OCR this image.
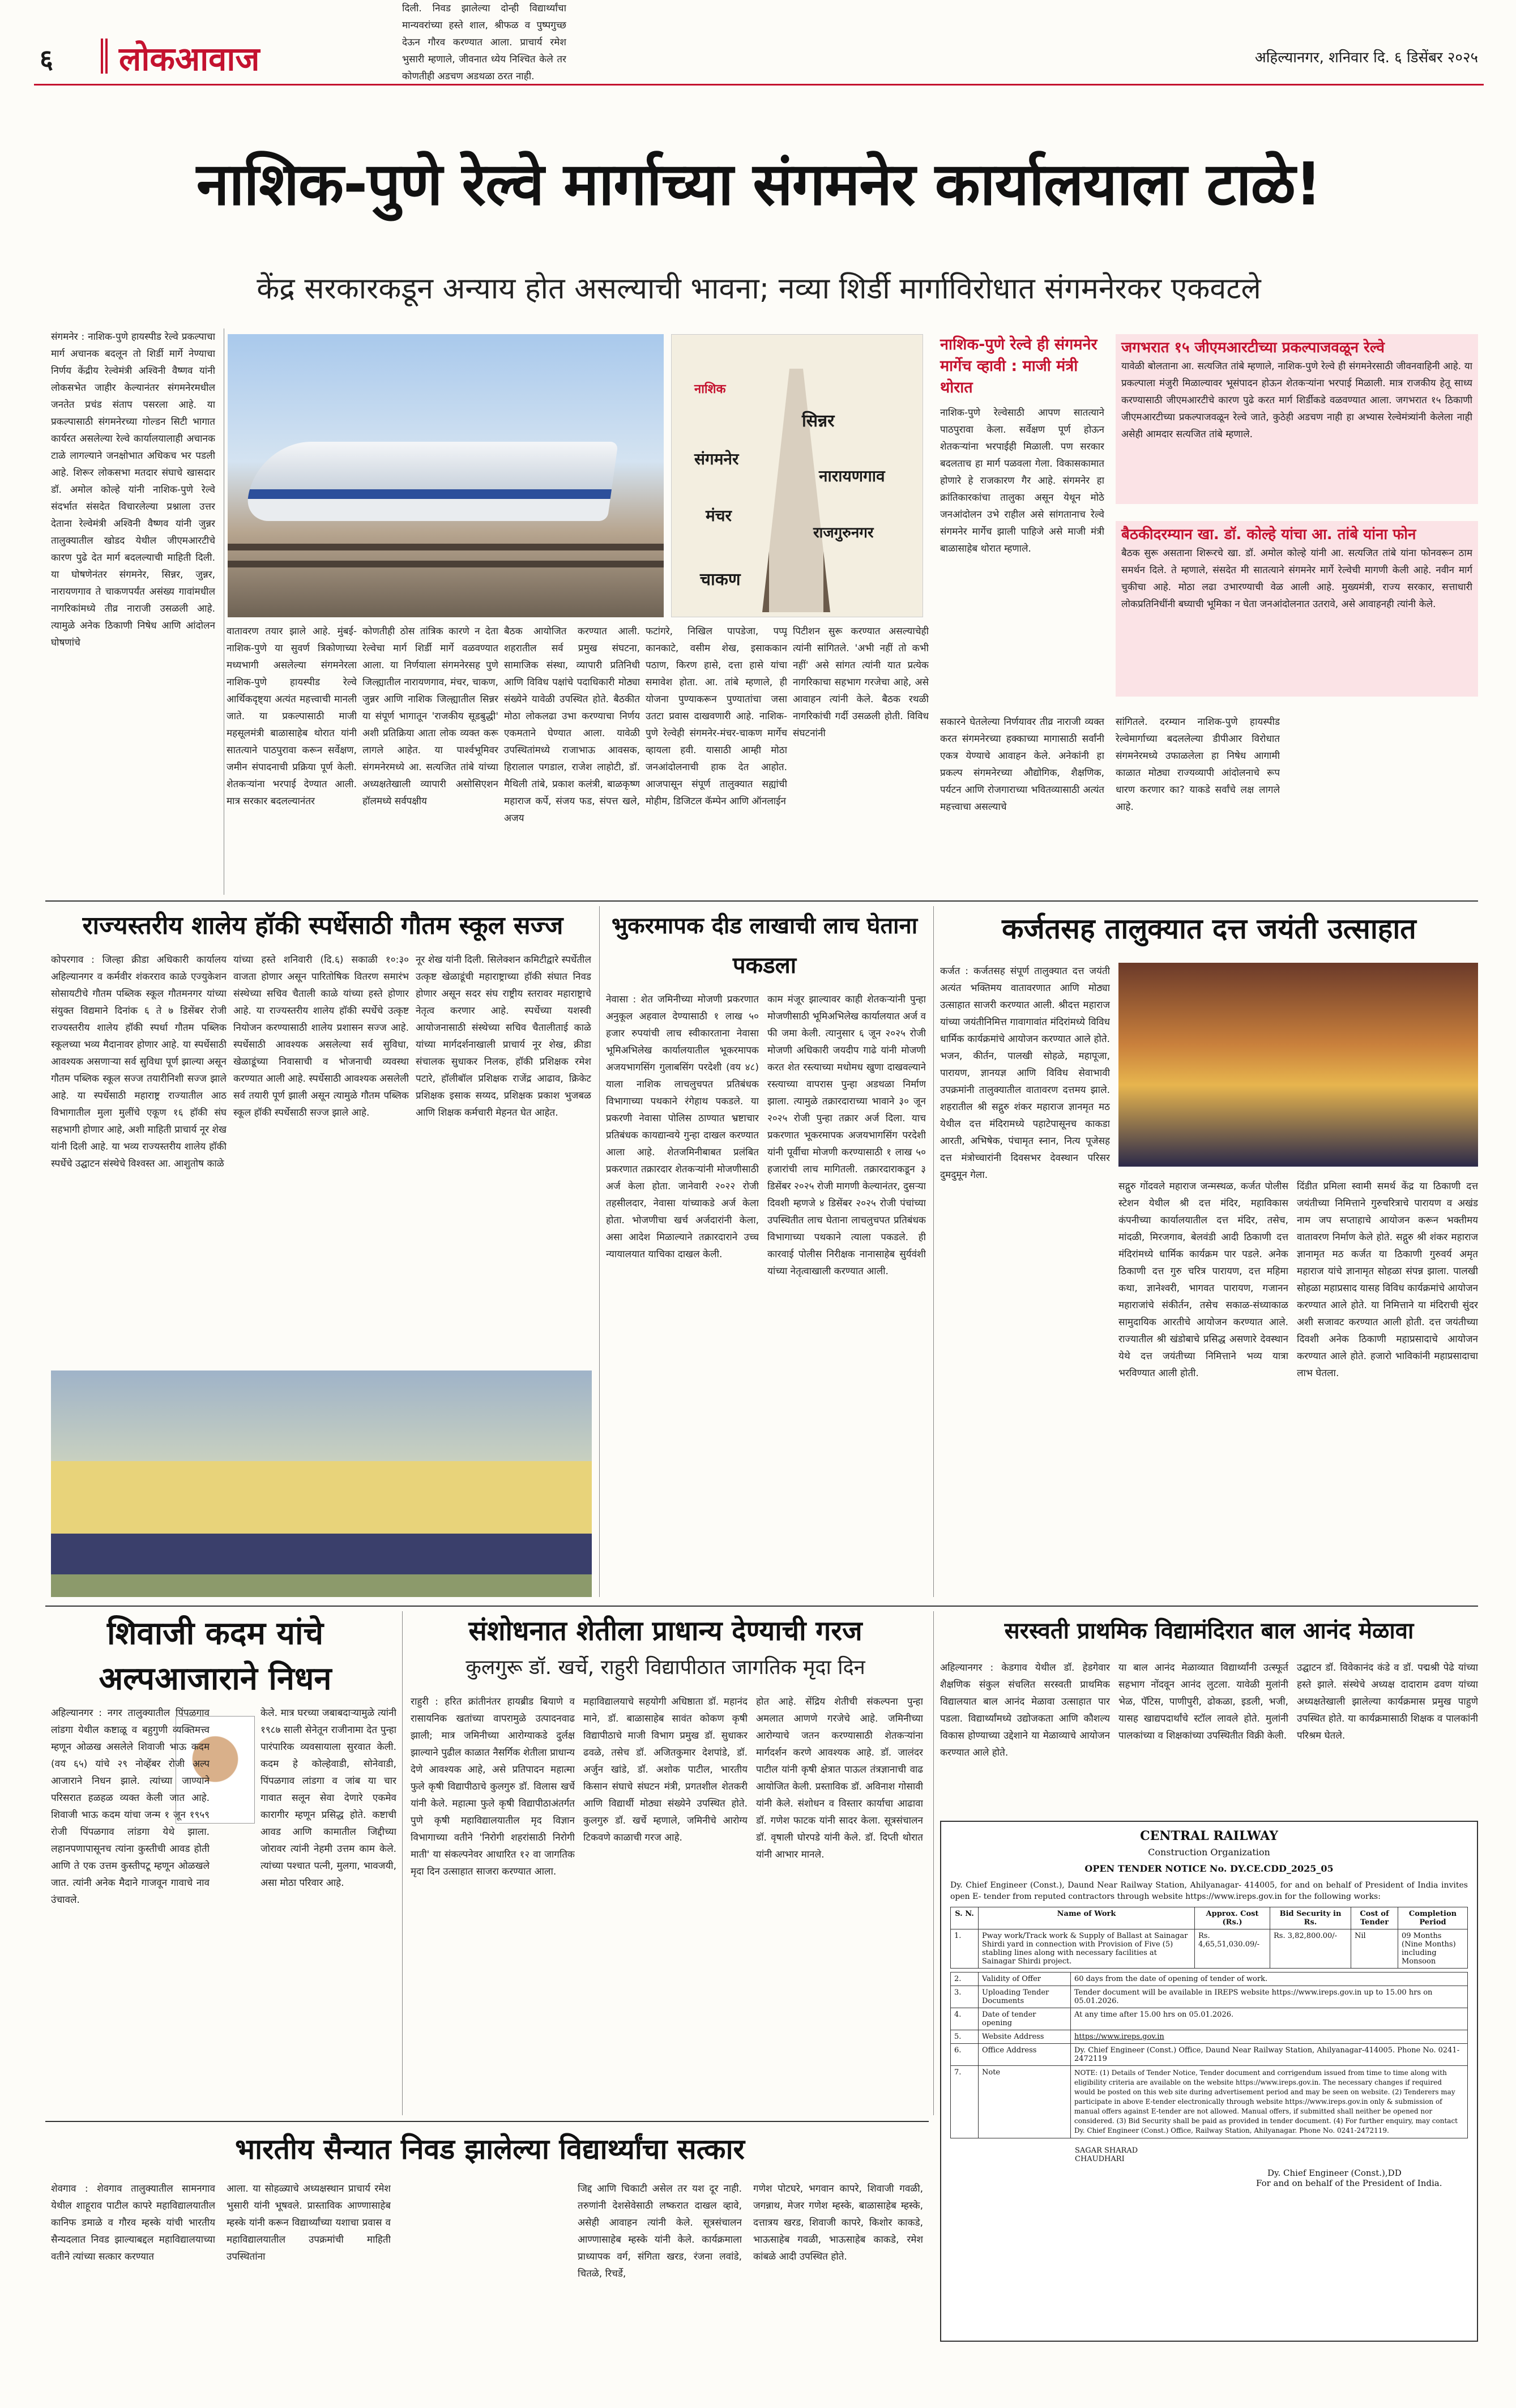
६ लोकआवाज	अहिल्यानगर, शनिवार दि. ६ डिसेंबर २०२५
नाशिक-पुणे रेल्वे मार्गाच्या संगमनेर कार्यालयाला टाळे!
केंद्र सरकारकडून अन्याय होत असल्याची भावना; नव्या शिर्डी मार्गाविरोधात संगमनेरकर एकवटले
संगमनेर : नाशिक-पुणे हायस्पीड रेल्वे प्रकल्पाचा मार्ग अचानक बदलून तो शिर्डी मार्गे नेण्याचा निर्णय केंद्रीय रेल्वेमंत्री अश्विनी वैष्णव यांनी लोकसभेत जाहीर केल्यानंतर संगमनेरमधील जनतेत प्रचंड संताप पसरला आहे. या प्रकल्पासाठी संगमनेरच्या गोल्डन सिटी भागात कार्यरत असलेल्या रेल्वे कार्यालयालाही अचानक टाळे लागल्याने जनक्षोभात अधिकच भर पडली आहे. शिरूर लोकसभा मतदार संघाचे खासदार डॉ. अमोल कोल्हे यांनी नाशिक-पुणे रेल्वे संदर्भात संसदेत विचारलेल्या प्रश्नाला उत्तर देताना रेल्वेमंत्री अश्विनी वैष्णव यांनी जुन्नर तालुक्यातील खोडद येथील जीएमआरटीचे कारण पुढे देत मार्ग बदलल्याची माहिती दिली. या घोषणेनंतर संगमनेर, सिन्नर, जुन्नर, नारायणगाव ते चाकणपर्यंत असंख्य गावांमधील नागरिकांमध्ये तीव्र नाराजी उसळली आहे. त्यामुळे अनेक ठिकाणी निषेध आणि आंदोलन घोषणांचे
सिन्नर
संगमनेर
नारायणगाव
मंचर
राजगुरुनगर
चाकण
नाशिक
वातावरण तयार झाले आहे. मुंबई-नाशिक-पुणे या सुवर्ण त्रिकोणाच्या मध्यभागी असलेल्या संगमनेरला नाशिक-पुणे हायस्पीड रेल्वे आर्थिकदृष्ट्या अत्यंत महत्त्वाची मानली जाते. या प्रकल्पासाठी माजी महसूलमंत्री बाळासाहेब थोरात यांनी सातत्याने पाठपुरावा करून सर्वेक्षण, जमीन संपादनाची प्रक्रिया पूर्ण केली. शेतकऱ्यांना भरपाई देण्यात आली. मात्र सरकार बदलल्यानंतर
कोणतीही ठोस तांत्रिक कारणे न देता रेल्वेचा मार्ग शिर्डी मार्गे वळवण्यात आला. या निर्णयाला संगमनेरसह पुणे जिल्ह्यातील नारायणगाव, मंचर, चाकण, जुन्नर आणि नाशिक जिल्ह्यातील सिन्नर या संपूर्ण भागातून 'राजकीय सूडबुद्धी' अशी प्रतिक्रिया आता लोक व्यक्त करू लागले आहेत. या पार्श्वभूमिवर संगमनेरमध्ये आ. सत्यजित तांबे यांच्या अध्यक्षतेखाली व्यापारी असोसिएशन हॉलमध्ये सर्वपक्षीय
बैठक आयोजित करण्यात आली. शहरातील सर्व प्रमुख संघटना, सामाजिक संस्था, व्यापारी प्रतिनिधी आणि विविध पक्षांचे पदाधिकारी मोठ्या संख्येने यावेळी उपस्थित होते. बैठकीत मोठा लोकलढा उभा करण्याचा निर्णय एकमताने घेण्यात आला. यावेळी उपस्थितांमध्ये राजाभाऊ आवसक, हिरालाल पगडाल, राजेश लाहोटी, डॉ. मैथिली तांबे, प्रकाश कलंत्री, बाळकृष्ण महाराज कर्पे, संजय फड, संपत्त खले, अजय
फटांगरे, निखिल पापडेजा, पप्पू कानकाटे, वसीम शेख, इसाककान पठाण, किरण हासे, दत्ता हासे यांचा समावेश होता. आ. तांबे म्हणाले, ही योजना पुण्याकरून पुण्यातांचा जसा उतटा प्रवास दाखवणारी आहे. नाशिक-पुणे रेल्वेही संगमनेर-मंचर-चाकण मार्गेच व्हायला हवी. यासाठी आम्ही मोठा जनआंदोलनाची हाक देत आहोत. आजपासून संपूर्ण तालुक्यात सह्यांची मोहीम, डिजिटल कॅम्पेन आणि ऑनलाईन
पिटीशन सुरू करण्यात असल्याचेही त्यांनी सांगितले. 'अभी नहीं तो कभी नहीं' असे सांगत त्यांनी यात प्रत्येक नागरिकाचा सहभाग गरजेचा आहे, असे आवाहन त्यांनी केले. बैठक रथळी नागरिकांची गर्दी उसळली होती. विविध संघटनांनी
नाशिक-पुणे रेल्वे ही संगमनेर मार्गेच व्हावी : माजी मंत्री थोरात
नाशिक-पुणे रेल्वेसाठी आपण सातत्याने पाठपुरावा केला. सर्वेक्षण पूर्ण होऊन शेतकऱ्यांना भरपाईही मिळाली. पण सरकार बदलताच हा मार्ग पळवला गेला. विकासकामात होणारे हे राजकारण गैर आहे. संगमनेर हा क्रांतिकारकांचा तालुका असून येथून मोठे जनआंदोलन उभे राहील असे सांगतानाच रेल्वे संगमनेर मार्गेच झाली पाहिजे असे माजी मंत्री बाळासाहेब थोरात म्हणाले.
जगभरात १५ जीएमआरटीच्या प्रकल्पाजवळून रेल्वे
यावेळी बोलताना आ. सत्यजित तांबे म्हणाले, नाशिक-पुणे रेल्वे ही संगमनेरसाठी जीवनवाहिनी आहे. या प्रकल्पाला मंजुरी मिळाल्यावर भूसंपादन होऊन शेतकऱ्यांना भरपाई मिळाली. मात्र राजकीय हेतू साध्य करण्यासाठी जीएमआरटीचे कारण पुढे करत मार्ग शिर्डीकडे वळवण्यात आला. जगभरात १५ ठिकाणी जीएमआरटीच्या प्रकल्पाजवळून रेल्वे जाते, कुठेही अडचण नाही हा अभ्यास रेल्वेमंत्र्यांनी केलेला नाही असेही आमदार सत्यजित तांबे म्हणाले.
बैठकीदरम्यान खा. डॉ. कोल्हे यांचा आ. तांबे यांना फोन
बैठक सुरू असताना शिरूरचे खा. डॉ. अमोल कोल्हे यांनी आ. सत्यजित तांबे यांना फोनवरून ठाम समर्थन दिले. ते म्हणाले, संसदेत मी सातत्याने संगमनेर मार्गे रेल्वेची मागणी केली आहे. नवीन मार्ग चुकीचा आहे. मोठा लढा उभारण्याची वेळ आली आहे. मुख्यमंत्री, राज्य सरकार, सत्ताधारी लोकप्रतिनिधींनी बघ्याची भूमिका न घेता जनआंदोलनात उतरावे, असे आवाहनही त्यांनी केले.
सकारने घेतलेल्या निर्णयावर तीव्र नाराजी व्यक्त करत संगमनेरच्या हक्काच्या मागासाठी सर्वांनी एकत्र येण्याचे आवाहन केले. अनेकांनी हा प्रकल्प संगमनेरच्या औद्योगिक, शैक्षणिक, पर्यटन आणि रोजगाराच्या भवितव्यासाठी अत्यंत महत्त्वाचा असल्याचे
सांगितले. दरम्यान नाशिक-पुणे हायस्पीड रेल्वेमार्गाच्या बदललेल्या डीपीआर विरोधात संगमनेरमध्ये उफाळलेला हा निषेध आगामी काळात मोठ्या राज्यव्यापी आंदोलनाचे रूप धारण करणार का? याकडे सर्वांचे लक्ष लागले आहे.
राज्यस्तरीय शालेय हॉकी स्पर्धेसाठी गौतम स्कूल सज्ज
कोपरगाव : जिल्हा क्रीडा अधिकारी कार्यालय अहिल्यानगर व कर्मवीर शंकरराव काळे एज्युकेशन सोसायटीचे गौतम पब्लिक स्कूल गौतमनगर यांच्या संयुक्त विद्यमाने दिनांक ६ ते ७ डिसेंबर रोजी राज्यस्तरीय शालेय हॉकी स्पर्धा गौतम पब्लिक स्कूलच्या भव्य मैदानावर होणार आहे. या स्पर्धेसाठी आवश्यक असणाऱ्या सर्व सुविधा पूर्ण झाल्या असून गौतम पब्लिक स्कूल सज्ज तयारीनिशी सज्ज झाले आहे. या स्पर्धेसाठी महाराष्ट्र राज्यातील आठ विभागातील मुला मुलींचे एकूण १६ हॉकी संघ सहभागी होणार आहे, अशी माहिती प्राचार्य नूर शेख यांनी दिली आहे. या भव्य राज्यस्तरीय शालेय हॉकी स्पर्धेचे उद्घाटन संस्थेचे विश्वस्त आ. आशुतोष काळे
यांच्या हस्ते शनिवारी (दि.६) सकाळी १०:३० वाजता होणार असून पारितोषिक वितरण समारंभ संस्थेच्या सचिव चैताली काळे यांच्या हस्ते होणार आहे. या राज्यस्तरीय शालेय हॉकी स्पर्धेचे उत्कृष्ट नियोजन करण्यासाठी शालेय प्रशासन सज्ज आहे. स्पर्धेसाठी आवश्यक असलेल्या सर्व सुविधा, खेळाडूंच्या निवासाची व भोजनाची व्यवस्था करण्यात आली आहे. स्पर्धेसाठी आवश्यक असलेली सर्व तयारी पूर्ण झाली असून त्यामुळे गौतम पब्लिक स्कूल हॉकी स्पर्धेसाठी सज्ज झाले आहे.
नूर शेख यांनी दिली. सिलेक्शन कमिटीद्वारे स्पर्धेतील उत्कृष्ट खेळाडूंची महाराष्ट्राच्या हॉकी संघात निवड होणार असून सदर संघ राष्ट्रीय स्तरावर महाराष्ट्राचे नेतृत्व करणार आहे. स्पर्धेच्या यशस्वी आयोजनासाठी संस्थेच्या सचिव चैतालीताई काळे यांच्या मार्गदर्शनाखाली प्राचार्य नूर शेख, क्रीडा संचालक सुधाकर निलक, हॉकी प्रशिक्षक रमेश पटारे, हॉलीबॉल प्रशिक्षक राजेंद्र आढाव, क्रिकेट प्रशिक्षक इसाक सय्यद, प्रशिक्षक प्रकाश भुजबळ आणि शिक्षक कर्मचारी मेहनत घेत आहेत.
भुकरमापक दीड लाखाची लाच घेताना पकडला
नेवासा : शेत जमिनीच्या मोजणी प्रकरणात अनुकूल अहवाल देण्यासाठी १ लाख ५० हजार रुपयांची लाच स्वीकारताना नेवासा भूमिअभिलेख कार्यालयातील भूकरमापक अजयभागसिंग गुलाबसिंग परदेशी (वय ४८) याला नाशिक लाचलुचपत प्रतिबंधक विभागाच्या पथकाने रंगेहाथ पकडले. या प्रकरणी नेवासा पोलिस ठाण्यात भ्रष्टाचार प्रतिबंधक कायद्यान्वये गुन्हा दाखल करण्यात आला आहे. शेतजमिनीबाबत प्रलंबित प्रकरणात तक्रारदार शेतकऱ्यांनी मोजणीसाठी अर्ज केला होता. जानेवारी २०२२ रोजी तहसीलदार, नेवासा यांच्याकडे अर्ज केला होता. भोजणीचा खर्च अर्जदारांनी केला, असा आदेश मिळाल्याने तक्रारदाराने उच्च न्यायालयात याचिका दाखल केली.
काम मंजूर झाल्यावर काही शेतकऱ्यांनी पुन्हा मोजणीसाठी भूमिअभिलेख कार्यालयात अर्ज व फी जमा केली. त्यानुसार ६ जून २०२५ रोजी मोजणी अधिकारी जयदीप गाढे यांनी मोजणी करत शेत रस्त्याच्या मधोमध खुणा दाखवल्याने रस्त्याच्या वापरास पुन्हा अडथळा निर्माण झाला. त्यामुळे तक्रारदाराच्या भावाने ३० जून २०२५ रोजी पुन्हा तक्रार अर्ज दिला. याच प्रकरणात भूकरमापक अजयभागसिंग परदेशी यांनी पूर्वीचा मोजणी करण्यासाठी १ लाख ५० हजारांची लाच मागितली. तक्रारदाराकडून ३ डिसेंबर २०२५ रोजी मागणी केल्यानंतर, दुसऱ्या दिवशी म्हणजे ४ डिसेंबर २०२५ रोजी पंचांच्या उपस्थितीत लाच घेताना लाचलुचपत प्रतिबंधक विभागाच्या पथकाने त्याला पकडले. ही कारवाई पोलीस निरीक्षक नानासाहेब सुर्यवंशी यांच्या नेतृत्वाखाली करण्यात आली.
कर्जतसह तालुक्यात दत्त जयंती उत्साहात
कर्जत : कर्जतसह संपूर्ण तालुक्यात दत्त जयंती अत्यंत भक्तिमय वातावरणात आणि मोठ्या उत्साहात साजरी करण्यात आली. श्रीदत्त महाराज यांच्या जयंतीनिमित्त गावागावांत मंदिरांमध्ये विविध धार्मिक कार्यक्रमांचे आयोजन करण्यात आले होते. भजन, कीर्तन, पालखी सोहळे, महापूजा, पारायण, ज्ञानयज्ञ आणि विविध सेवाभावी उपक्रमांनी तालुक्यातील वातावरण दत्तमय झाले. शहरातील श्री सद्गुरु शंकर महाराज ज्ञानमृत मठ येथील दत्त मंदिरामध्ये पहाटेपासूनच काकडा आरती, अभिषेक, पंचामृत स्नान, नित्य पूजेसह दत्त मंत्रोच्चारांनी दिवसभर देवस्थान परिसर दुमदुमून गेला.
सद्गुरु गोंदवले महाराज जन्मस्थळ, कर्जत पोलीस स्टेशन येथील श्री दत्त मंदिर, महाविकास कंपनीच्या कार्यालयातील दत्त मंदिर, तसेच, मांदळी, मिरजगाव, बेलवंडी आदी ठिकाणी दत्त मंदिरांमध्ये धार्मिक कार्यक्रम पार पडले. अनेक ठिकाणी दत्त गुरु चरित्र पारायण, दत्त महिमा कथा, ज्ञानेश्वरी, भागवत पारायण, गजानन महाराजांचे संकीर्तन, तसेच सकाळ-संध्याकाळ सामुदायिक आरतीचे आयोजन करण्यात आले. राज्यातील श्री खंडोबाचे प्रसिद्ध असणारे देवस्थान येथे दत्त जयंतीच्या निमित्ताने भव्य यात्रा भरविण्यात आली होती.
दिंडीत प्रमिला स्वामी समर्थ केंद्र या ठिकाणी दत्त जयंतीच्या निमित्ताने गुरुचरित्राचे पारायण व अखंड नाम जप सप्ताहाचे आयोजन करून भक्तीमय वातावरण निर्माण केले होते. सद्गुरु श्री शंकर महाराज ज्ञानामृत मठ कर्जत या ठिकाणी गुरुवर्य अमृत महाराज यांचे ज्ञानामृत सोहळा संपन्न झाला. पालखी सोहळा महाप्रसाद यासह विविध कार्यक्रमांचे आयोजन करण्यात आले होते. या निमित्ताने या मंदिराची सुंदर अशी सजावट करण्यात आली होती. दत्त जयंतीच्या दिवशी अनेक ठिकाणी महाप्रसादाचे आयोजन करण्यात आले होते. हजारो भाविकांनी महाप्रसादाचा लाभ घेतला.
शिवाजी कदम यांचे अल्पआजाराने निधन
अहिल्यानगर : नगर तालुक्यातील पिंपळगाव लांडगा येथील कष्टाळू व बहुगुणी व्यक्तिमत्त्व म्हणून ओळख असलेले शिवाजी भाऊ कदम (वय ६५) यांचे २९ नोव्हेंबर रोजी अल्प आजाराने निधन झाले. त्यांच्या जाण्याने परिसरात हळहळ व्यक्त केली जात आहे. शिवाजी भाऊ कदम यांचा जन्म १ जून १९५९ रोजी पिंपळगाव लांडगा येथे झाला. लहानपणापासूनच त्यांना कुस्तीची आवड होती आणि ते एक उत्तम कुस्तीपटू म्हणून ओळखले जात. त्यांनी अनेक मैदाने गाजवून गावाचे नाव उंचावले.
केले. मात्र घरच्या जबाबदाऱ्यामुळे त्यांनी १९८७ साली सेनेतून राजीनामा देत पुन्हा पारंपारिक व्यवसायाला सुरवात केली. कदम हे कोल्हेवाडी, सोनेवाडी, पिंपळगाव लांडगा व जांब या चार गावात सलून सेवा देणारे एकमेव कारागीर म्हणून प्रसिद्ध होते. कष्टाची आवड आणि कामातील जिद्दीच्या जोरावर त्यांनी नेहमी उत्तम काम केले. त्यांच्या पश्चात पत्नी, मुलगा, भावजयी, असा मोठा परिवार आहे.
संशोधनात शेतीला प्राधान्य देण्याची गरज
कुलगुरू डॉ. खर्चे, राहुरी विद्यापीठात जागतिक मृदा दिन
राहुरी : हरित क्रांतीनंतर हायब्रीड बियाणे व रासायनिक खतांच्या वापरामुळे उत्पादनवाढ झाली; मात्र जमिनीच्या आरोग्याकडे दुर्लक्ष झाल्याने पुढील काळात नैसर्गिक शेतीला प्राधान्य देणे आवश्यक आहे, असे प्रतिपादन महात्मा फुले कृषी विद्यापीठाचे कुलगुरु डॉ. विलास खर्चे यांनी केले. महात्मा फुले कृषी विद्यापीठाअंतर्गत पुणे कृषी महाविद्यालयातील मृद विज्ञान विभागाच्या वतीने 'निरोगी शहरांसाठी निरोगी माती' या संकल्पनेवर आधारित १२ वा जागतिक मृदा दिन उत्साहात साजरा करण्यात आला.
महाविद्यालयाचे सहयोगी अधिष्ठाता डॉ. महानंद माने, डॉ. बाळासाहेब सावंत कोकण कृषी विद्यापीठाचे माजी विभाग प्रमुख डॉ. सुधाकर ढवळे, तसेच डॉ. अजितकुमार देशपांडे, डॉ. अर्जुन खांडे, डॉ. अशोक पाटील, भारतीय किसान संघाचे संघटन मंत्री, प्रगतशील शेतकरी आणि विद्यार्थी मोठ्या संख्येने उपस्थित होते. कुलगुरु डॉ. खर्चे म्हणाले, जमिनीचे आरोग्य टिकवणे काळाची गरज आहे.
होत आहे. सेंद्रिय शेतीची संकल्पना पुन्हा अमलात आणणे गरजेचे आहे. जमिनीच्या आरोग्याचे जतन करण्यासाठी शेतकऱ्यांना मार्गदर्शन करणे आवश्यक आहे. डॉ. जालंदर पाटील यांनी कृषी क्षेत्रात पाऊल तंत्रज्ञानाची वाढ आयोजित केली. प्रस्ताविक डॉ. अविनाश गोसावी यांनी केले. संशोधन व विस्तार कार्याचा आढावा डॉ. गणेश फाटक यांनी सादर केला. सूत्रसंचालन डॉ. वृषाली घोरपडे यांनी केले. डॉ. दिप्ती थोरात यांनी आभार मानले.
सरस्वती प्राथमिक विद्यामंदिरात बाल आनंद मेळावा
अहिल्यानगर : केडगाव येथील डॉ. हेडगेवार शैक्षणिक संकुल संचलित सरस्वती प्राथमिक विद्यालयात बाल आनंद मेळावा उत्साहात पार पडला. विद्यार्थ्यांमध्ये उद्योजकता आणि कौशल्य विकास होण्याच्या उद्देशाने या मेळाव्याचे आयोजन करण्यात आले होते.
या बाल आनंद मेळाव्यात विद्यार्थ्यांनी उत्स्फूर्त सहभाग नोंदवून आनंद लुटला. यावेळी मुलांनी भेळ, पॅटिस, पाणीपुरी, ढोकळा, इडली, भजी, यासह खाद्यपदार्थांचे स्टॉल लावले होते. मुलांनी पालकांच्या व शिक्षकांच्या उपस्थितीत विक्री केली.
उद्घाटन डॉ. विवेकानंद कंडे व डॉ. पद्मश्री पेढे यांच्या हस्ते झाले. संस्थेचे अध्यक्ष दादाराम ढवण यांच्या अध्यक्षतेखाली झालेल्या कार्यक्रमास प्रमुख पाहुणे उपस्थित होते. या कार्यक्रमासाठी शिक्षक व पालकांनी परिश्रम घेतले.
CENTRAL RAILWAY
Construction Organization
OPEN TENDER NOTICE No. DY.CE.CDD_2025_05
Dy. Chief Engineer (Const.), Daund Near Railway Station, Ahilyanagar- 414005, for and on behalf of President of India invites open E- tender from reputed contractors through website https://www.ireps.gov.in for the following works:
S. N.	Name of Work	Approx. Cost (Rs.)	Bid Security in Rs.	Cost of Tender	Completion Period
1.	Pway work/Track work & Supply of Ballast at Sainagar Shirdi yard in connection with Provision of Five (5) stabling lines along with necessary facilities at Sainagar Shirdi project.	Rs. 4,65,51,030.09/-	Rs. 3,82,800.00/-	Nil	09 Months (Nine Months) including Monsoon
2.	Validity of Offer	60 days from the date of opening of tender of work.
3.	Uploading Tender Documents	Tender document will be available in IREPS website https://www.ireps.gov.in up to 15.00 hrs on 05.01.2026.
4.	Date of tender opening	At any time after 15.00 hrs on 05.01.2026.
5.	Website Address	https://www.ireps.gov.in
6.	Office Address	Dy. Chief Engineer (Const.) Office, Daund Near Railway Station, Ahilyanagar-414005. Phone No. 0241-2472119
7.	Note	NOTE: (1) Details of Tender Notice, Tender document and corrigendum issued from time to time along with eligibility criteria are available on the website https://www.ireps.gov.in. The necessary changes if required would be posted on this web site during advertisement period and may be seen on website. (2) Tenderers may participate in above E-tender electronically through website https://www.ireps.gov.in only & submission of manual offers against E-tender are not allowed. Manual offers, if submitted shall neither be opened nor considered. (3) Bid Security shall be paid as provided in tender document. (4) For further enquiry, may contact Dy. Chief Engineer (Const.) Office, Railway Station, Ahilyanagar. Phone No. 0241-2472119.
SAGAR SHARAD CHAUDHARI
Dy. Chief Engineer (Const.),DD
For and on behalf of the President of India.
भारतीय सैन्यात निवड झालेल्या विद्यार्थ्यांचा सत्कार
शेवगाव : शेवगाव तालुक्यातील सामनगाव येथील शाहूराव पाटील कापरे महाविद्यालयातील कानिफ डमाळे व गौरव म्हस्के यांची भारतीय सैन्यदलात निवड झाल्याबद्दल महाविद्यालयाच्या वतीने त्यांच्या सत्कार करण्यात
आला. या सोहळ्याचे अध्यक्षस्थान प्राचार्य रमेश भुसारी यांनी भूषवले. प्रास्ताविक आण्णासाहेब म्हस्के यांनी करून विद्यार्थ्यांच्या यशाचा प्रवास व महाविद्यालयातील उपक्रमांची माहिती उपस्थितांना
दिली. निवड झालेल्या दोन्ही विद्यार्थ्यांचा मान्यवरांच्या हस्ते शाल, श्रीफळ व पुष्पगुच्छ देऊन गौरव करण्यात आला. प्राचार्य रमेश भुसारी म्हणाले, जीवनात ध्येय निश्चित केले तर कोणतीही अडचण अडथळा ठरत नाही.
जिद्द आणि चिकाटी असेल तर यश दूर नाही. तरुणांनी देशसेवेसाठी लष्करात दाखल व्हावे, असेही आवाहन त्यांनी केले. सूत्रसंचालन आण्णासाहेब म्हस्के यांनी केले. कार्यक्रमाला प्राध्यापक वर्ग, संगिता खरड, रंजना लवांडे, चितळे, रिचर्डे,
गणेश पोटघरे, भगवान कापरे, शिवाजी गवळी, जगन्नाथ, मेजर गणेश म्हस्के, बाळासाहेब म्हस्के, दत्तात्रय खरड, शिवाजी कापरे, किशोर काकडे, भाऊसाहेब गवळी, भाऊसाहेब काकडे, रमेश कांबळे आदी उपस्थित होते.
